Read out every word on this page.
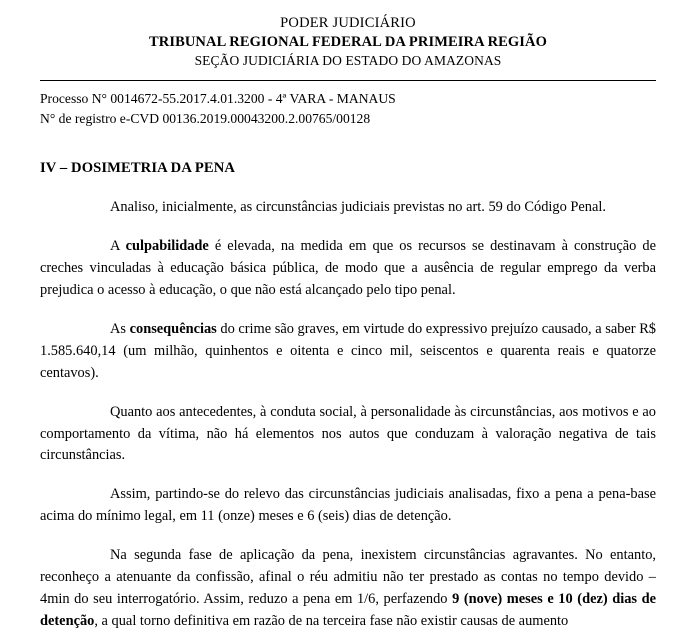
PODER JUDICIÁRIO
TRIBUNAL REGIONAL FEDERAL DA PRIMEIRA REGIÃO
SEÇÃO JUDICIÁRIA DO ESTADO DO AMAZONAS
Processo N° 0014672-55.2017.4.01.3200 - 4ª VARA - MANAUS
N° de registro e-CVD 00136.2019.00043200.2.00765/00128
IV – DOSIMETRIA DA PENA

Analiso, inicialmente, as circunstâncias judiciais previstas no art. 59 do Código Penal.

A culpabilidade é elevada, na medida em que os recursos se destinavam à construção de creches vinculadas à educação básica pública, de modo que a ausência de regular emprego da verba prejudica o acesso à educação, o que não está alcançado pelo tipo penal.

As consequências do crime são graves, em virtude do expressivo prejuízo causado, a saber R$ 1.585.640,14 (um milhão, quinhentos e oitenta e cinco mil, seiscentos e quarenta reais e quatorze centavos).

Quanto aos antecedentes, à conduta social, à personalidade às circunstâncias, aos motivos e ao comportamento da vítima, não há elementos nos autos que conduzam à valoração negativa de tais circunstâncias.

Assim, partindo-se do relevo das circunstâncias judiciais analisadas, fixo a pena a pena-base acima do mínimo legal, em 11 (onze) meses e 6 (seis) dias de detenção.

Na segunda fase de aplicação da pena, inexistem circunstâncias agravantes. No entanto, reconheço a atenuante da confissão, afinal o réu admitiu não ter prestado as contas no tempo devido – 4min do seu interrogatório. Assim, reduzo a pena em 1/6, perfazendo 9 (nove) meses e 10 (dez) dias de detenção, a qual torno definitiva em razão de na terceira fase não existir causas de aumento
